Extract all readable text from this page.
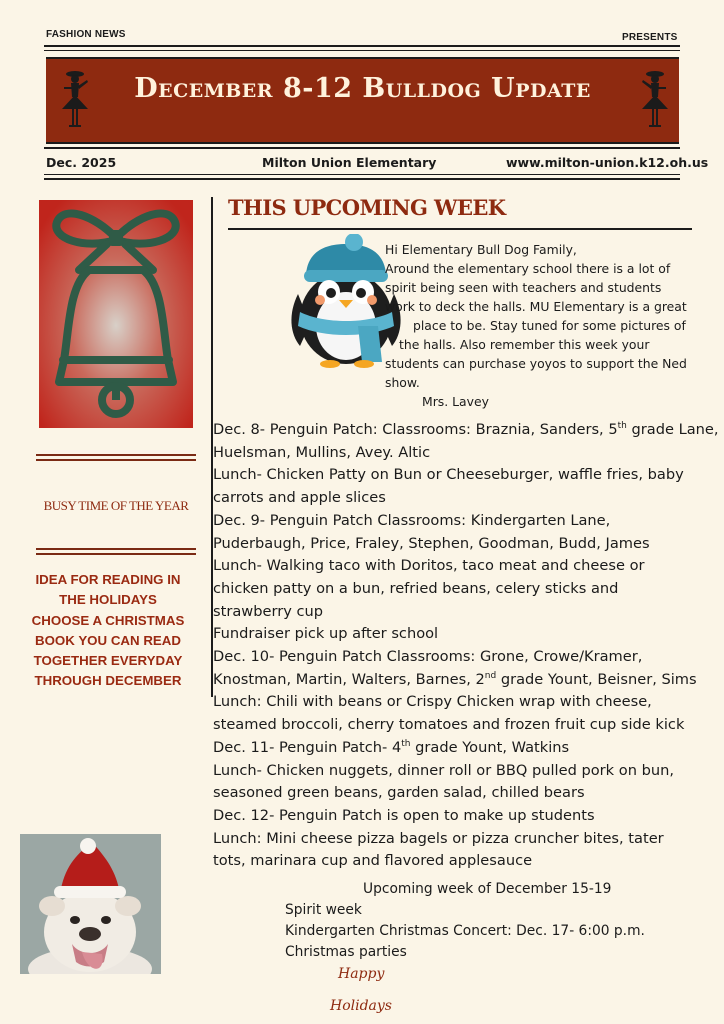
FASHION NEWS	PRESENTS
December 8-12 Bulldog Update
Dec. 2025	Milton Union Elementary	www.milton-union.k12.oh.us
BUSY TIME OF THE YEAR
IDEA FOR READING IN
THE HOLIDAYS
CHOOSE A CHRISTMAS
BOOK YOU CAN READ
TOGETHER EVERYDAY
THROUGH DECEMBER
THIS UPCOMING WEEK
Hi Elementary Bull Dog Family,
Around the elementary school there is a lot of
spirit being seen with teachers and students
work to deck the halls. MU Elementary is a great
place to be. Stay tuned for some pictures of
the halls. Also remember this week your
students can purchase yoyos to support the Ned
show.
Mrs. Lavey
Dec. 8- Penguin Patch: Classrooms: Braznia, Sanders, 5th grade Lane,
Huelsman, Mullins, Avey. Altic
Lunch- Chicken Patty on Bun or Cheeseburger, waffle fries, baby
carrots and apple slices
Dec. 9- Penguin Patch Classrooms: Kindergarten Lane,
Puderbaugh, Price, Fraley, Stephen, Goodman, Budd, James
Lunch- Walking taco with Doritos, taco meat and cheese or
chicken patty on a bun, refried beans, celery sticks and
strawberry cup
Fundraiser pick up after school
Dec. 10- Penguin Patch Classrooms: Grone, Crowe/Kramer,
Knostman, Martin, Walters, Barnes, 2nd grade Yount, Beisner, Sims
Lunch: Chili with beans or Crispy Chicken wrap with cheese,
steamed broccoli, cherry tomatoes and frozen fruit cup side kick
Dec. 11- Penguin Patch- 4th grade Yount, Watkins
Lunch- Chicken nuggets, dinner roll or BBQ pulled pork on bun,
seasoned green beans, garden salad, chilled bears
Dec. 12- Penguin Patch is open to make up students
Lunch: Mini cheese pizza bagels or pizza cruncher bites, tater
tots, marinara cup and flavored applesauce
Upcoming week of December 15-19
Spirit week
Kindergarten Christmas Concert: Dec. 17- 6:00 p.m.
Christmas parties
Happy
Holidays
